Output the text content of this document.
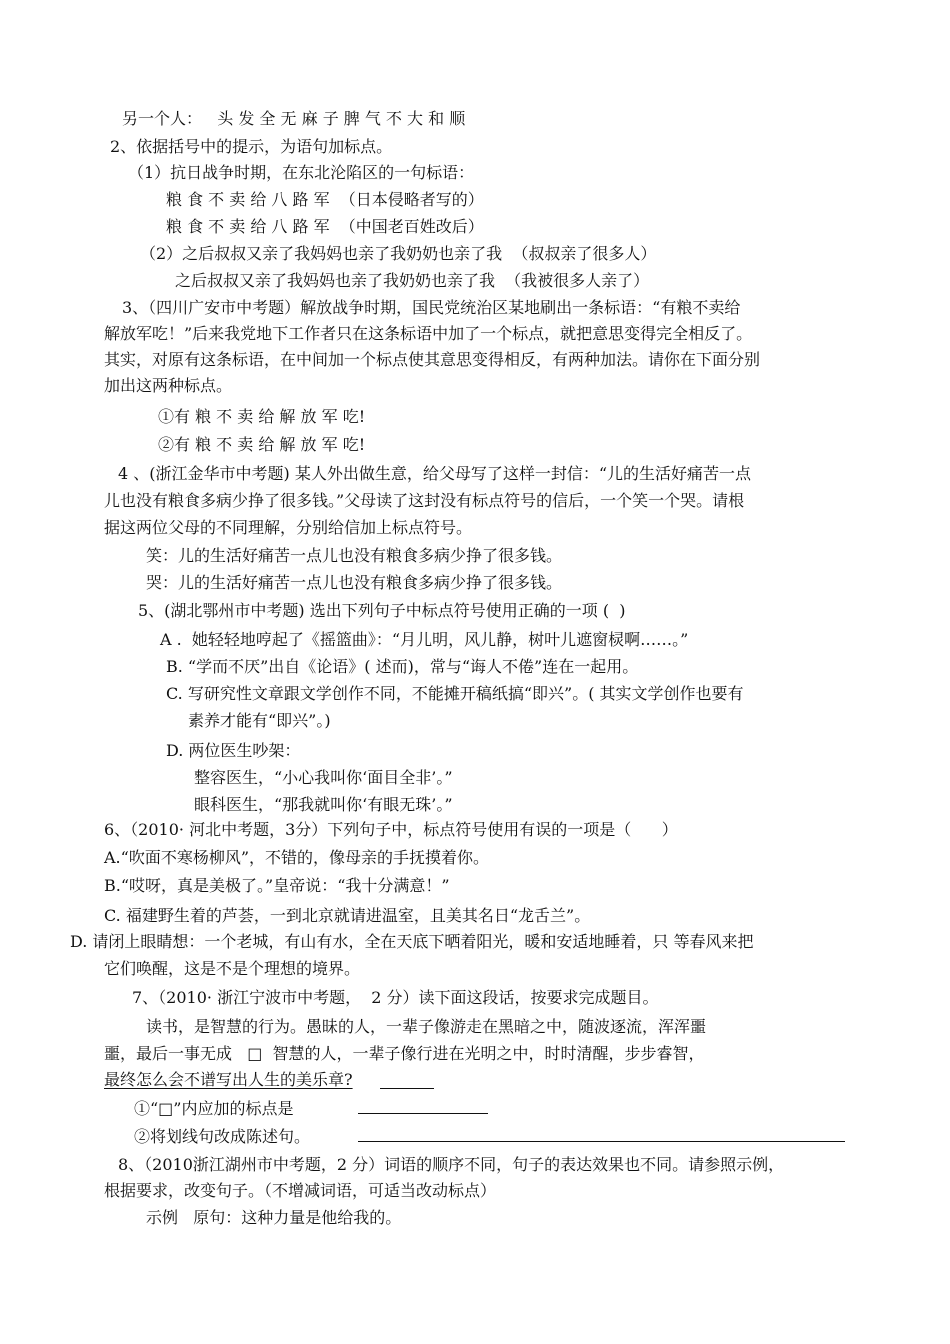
另一个人：   头 发 全 无 麻 子 脾 气 不 大 和 顺
2、依据括号中的提示，为语句加标点。
（1）抗日战争时期，在东北沦陷区的一句标语：
粮 食 不 卖 给 八 路 军  （日本侵略者写的）
粮 食 不 卖 给 八 路 军  （中国老百姓改后）
（2）之后叔叔又亲了我妈妈也亲了我奶奶也亲了我  （叔叔亲了很多人）
之后叔叔又亲了我妈妈也亲了我奶奶也亲了我  （我被很多人亲了）
3、（四川广安市中考题）解放战争时期，国民党统治区某地刷出一条标语：“有粮不卖给
解放军吃！”后来我党地下工作者只在这条标语中加了一个标点，就把意思变得完全相反了。
其实，对原有这条标语，在中间加一个标点使其意思变得相反，有两种加法。请你在下面分别
加出这两种标点。
①有 粮 不 卖 给 解 放 军 吃!
②有 粮 不 卖 给 解 放 军 吃!
4 、(浙江金华市中考题) 某人外出做生意，给父母写了这样一封信：“儿的生活好痛苦一点
儿也没有粮食多病少挣了很多钱。”父母读了这封没有标点符号的信后，一个笑一个哭。请根
据这两位父母的不同理解，分别给信加上标点符号。
笑：儿的生活好痛苦一点儿也没有粮食多病少挣了很多钱。
哭：儿的生活好痛苦一点儿也没有粮食多病少挣了很多钱。
5、(湖北鄂州市中考题) 选出下列句子中标点符号使用正确的一项 (  )
A .  她轻轻地哼起了《摇篮曲》：“月儿明，风儿静，树叶儿遮窗棂啊……。”
B. “学而不厌”出自《论语》( 述而)，常与“诲人不倦”连在一起用。
C. 写研究性文章跟文学创作不同，不能摊开稿纸搞“即兴”。( 其实文学创作也要有
素养才能有“即兴”。)
D. 两位医生吵架：
整容医生，“小心我叫你‘面目全非’。”
眼科医生，“那我就叫你‘有眼无珠’。”
6、（2010· 河北中考题，3分）下列句子中，标点符号使用有误的一项是（      ）
A.“吹面不寒杨柳风”，不错的，像母亲的手抚摸着你。
B.“哎呀，真是美极了。”皇帝说：“我十分满意！”
C. 福建野生着的芦荟，一到北京就请进温室，且美其名日“龙舌兰”。
D. 请闭上眼睛想：一个老城，有山有水，全在天底下晒着阳光，暖和安适地睡着，只 等春风来把
它们唤醒，这是不是个理想的境界。
7、（2010· 浙江宁波市中考题，  2 分）读下面这段话，按要求完成题目。
读书，是智慧的行为。愚昧的人，一辈子像游走在黑暗之中，随波逐流，浑浑噩
噩，最后一事无成   □  智慧的人，一辈子像行进在光明之中，时时清醒，步步睿智，
最终怎么会不谱写出人生的美乐章?
①“□”内应加的标点是
②将划线句改成陈述句。
8、（2010浙江湖州市中考题，2 分）词语的顺序不同，句子的表达效果也不同。请参照示例，
根据要求，改变句子。（不增减词语，可适当改动标点）
示例   原句：这种力量是他给我的。
